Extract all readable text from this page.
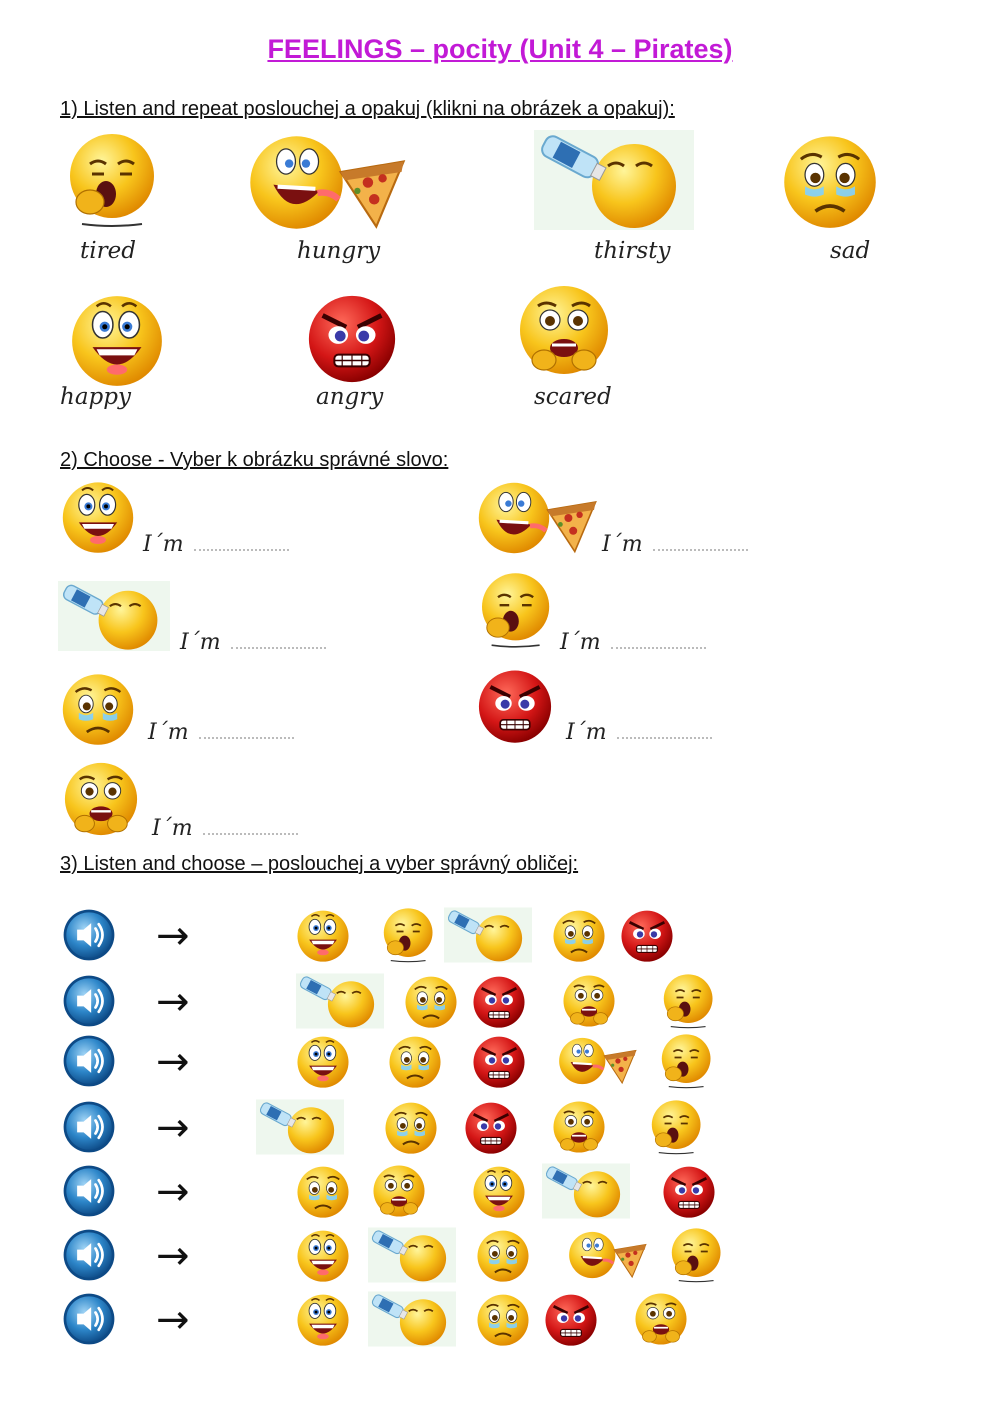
FEELINGS – pocity (Unit 4 – Pirates)
1) Listen and repeat poslouchej a opakuj (klikni na obrázek a opakuj):
tired	hungry	thirsty	sad
happy	angry	scared
2) Choose - Vyber k obrázku správné slovo:
I´m	I´m
I´m	I´m
I´m	I´m
I´m
3) Listen and choose – poslouchej a vyber správný obličej:
→
→
→
→
→
→
→
